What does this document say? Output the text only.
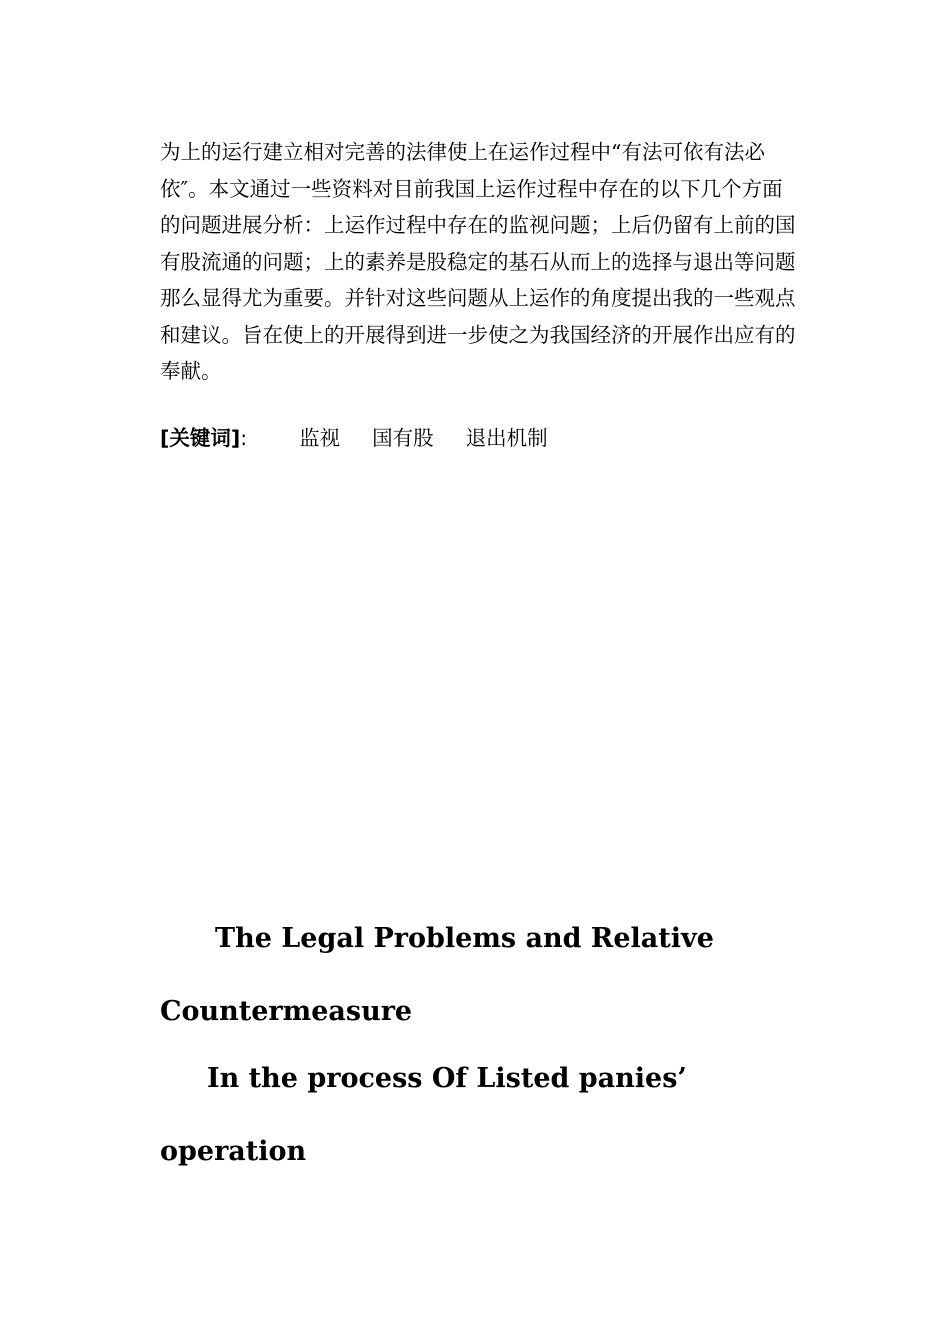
为上的运行建立相对完善的法律使上在运作过程中“有法可依有法必
依″。本文通过一些资料对目前我国上运作过程中存在的以下几个方面
的问题进展分析：上运作过程中存在的监视问题；上后仍留有上前的国
有股流通的问题；上的素养是股稳定的基石从而上的选择与退出等问题
那么显得尤为重要。并针对这些问题从上运作的角度提出我的一些观点
和建议。旨在使上的开展得到进一步使之为我国经济的开展作出应有的
奉献。

[关键词]:	监视 国有股 退出机制
The Legal Problems and Relative
Countermeasure
In the process Of Listed panies’
operation
